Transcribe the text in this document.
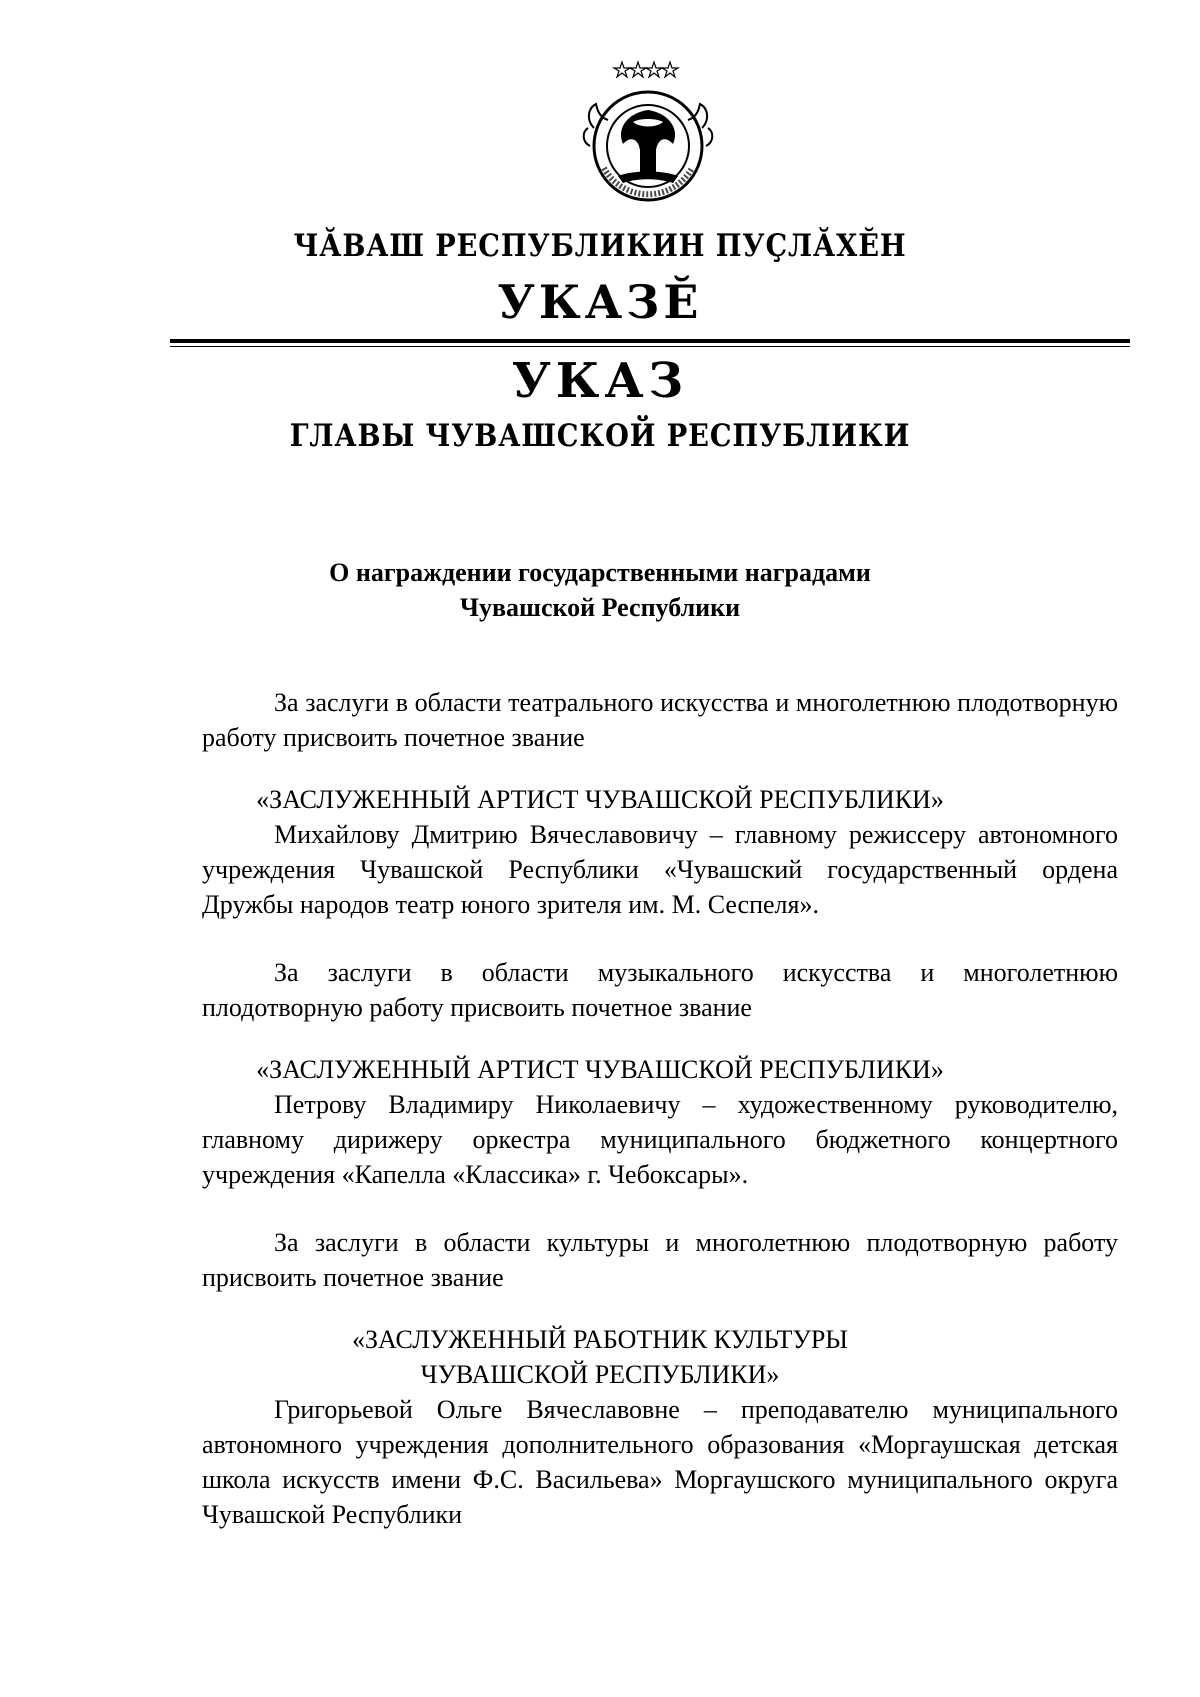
ЧӐВАШ РЕСПУБЛИКИН ПУҪЛӐХӖН
УКАЗӖ
УКАЗ
ГЛАВЫ ЧУВАШСКОЙ РЕСПУБЛИКИ
О награждении государственными наградами
Чувашской Республики
За заслуги в области театрального искусства и многолетнюю плодотворную работу присвоить почетное звание
«ЗАСЛУЖЕННЫЙ АРТИСТ ЧУВАШСКОЙ РЕСПУБЛИКИ»
Михайлову Дмитрию Вячеславовичу – главному режиссеру автономного учреждения Чувашской Республики «Чувашский государственный ордена Дружбы народов театр юного зрителя им. М. Сеспеля».
За заслуги в области музыкального искусства и многолетнюю плодотворную работу присвоить почетное звание
«ЗАСЛУЖЕННЫЙ АРТИСТ ЧУВАШСКОЙ РЕСПУБЛИКИ»
Петрову Владимиру Николаевичу – художественному руководителю, главному дирижеру оркестра муниципального бюджетного концертного учреждения «Капелла «Классика» г. Чебоксары».
За заслуги в области культуры и многолетнюю плодотворную работу присвоить почетное звание
«ЗАСЛУЖЕННЫЙ РАБОТНИК КУЛЬТУРЫ
ЧУВАШСКОЙ РЕСПУБЛИКИ»
Григорьевой Ольге Вячеславовне – преподавателю муниципального автономного учреждения дополнительного образования «Моргаушская детская школа искусств имени Ф.С. Васильева» Моргаушского муниципального округа Чувашской Республики
